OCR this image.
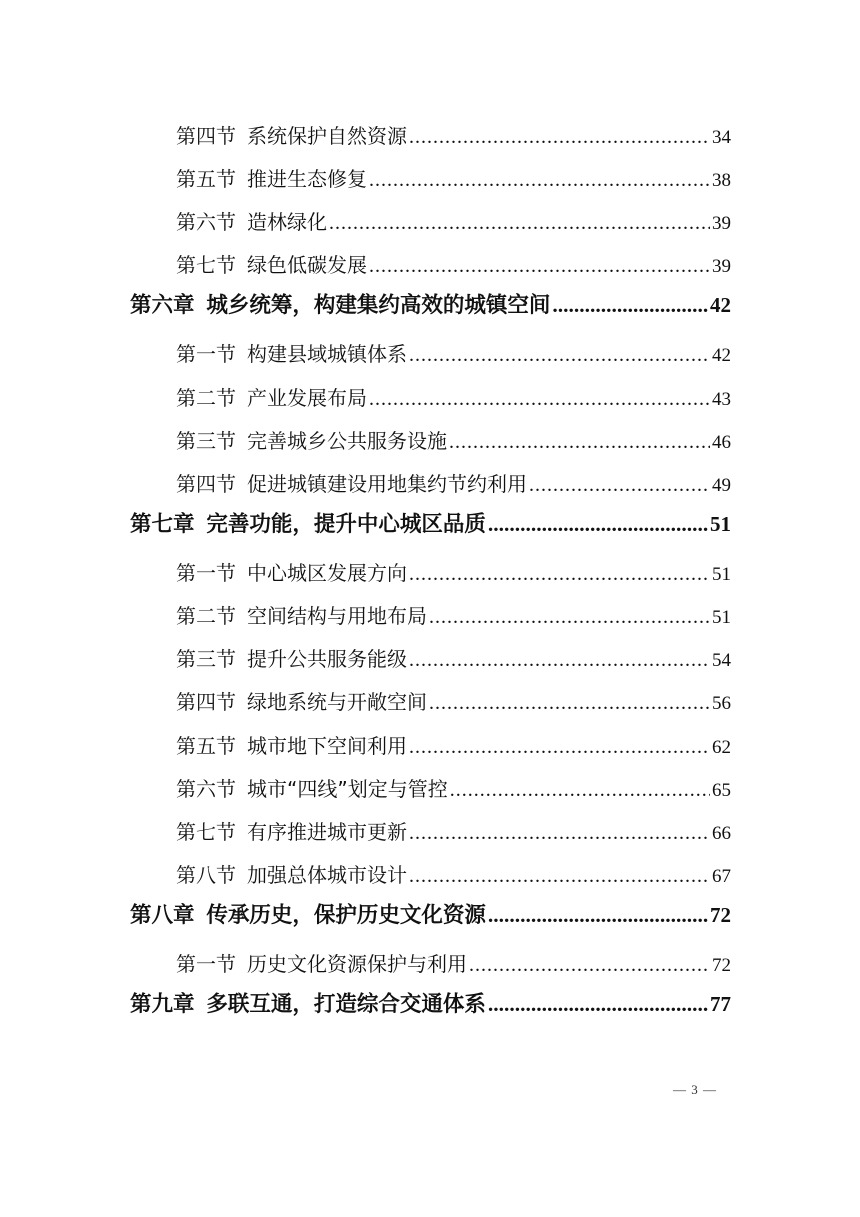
第四节 系统保护自然资源 .....	34
第五节 推进生态修复 .....	38
第六节 造林绿化 .....	39
第七节 绿色低碳发展 .....	39
第六章 城乡统筹，构建集约高效的城镇空间 .....	42
第一节 构建县域城镇体系 .....	42
第二节 产业发展布局 .....	43
第三节 完善城乡公共服务设施 .....	46
第四节 促进城镇建设用地集约节约利用 .....	49
第七章 完善功能，提升中心城区品质 .....	51
第一节 中心城区发展方向 .....	51
第二节 空间结构与用地布局 .....	51
第三节 提升公共服务能级 .....	54
第四节 绿地系统与开敞空间 .....	56
第五节 城市地下空间利用 .....	62
第六节 城市“四线”划定与管控 .....	65
第七节 有序推进城市更新 .....	66
第八节 加强总体城市设计 .....	67
第八章 传承历史，保护历史文化资源 .....	72
第一节 历史文化资源保护与利用 .....	72
第九章 多联互通，打造综合交通体系 .....	77
— 3 —
